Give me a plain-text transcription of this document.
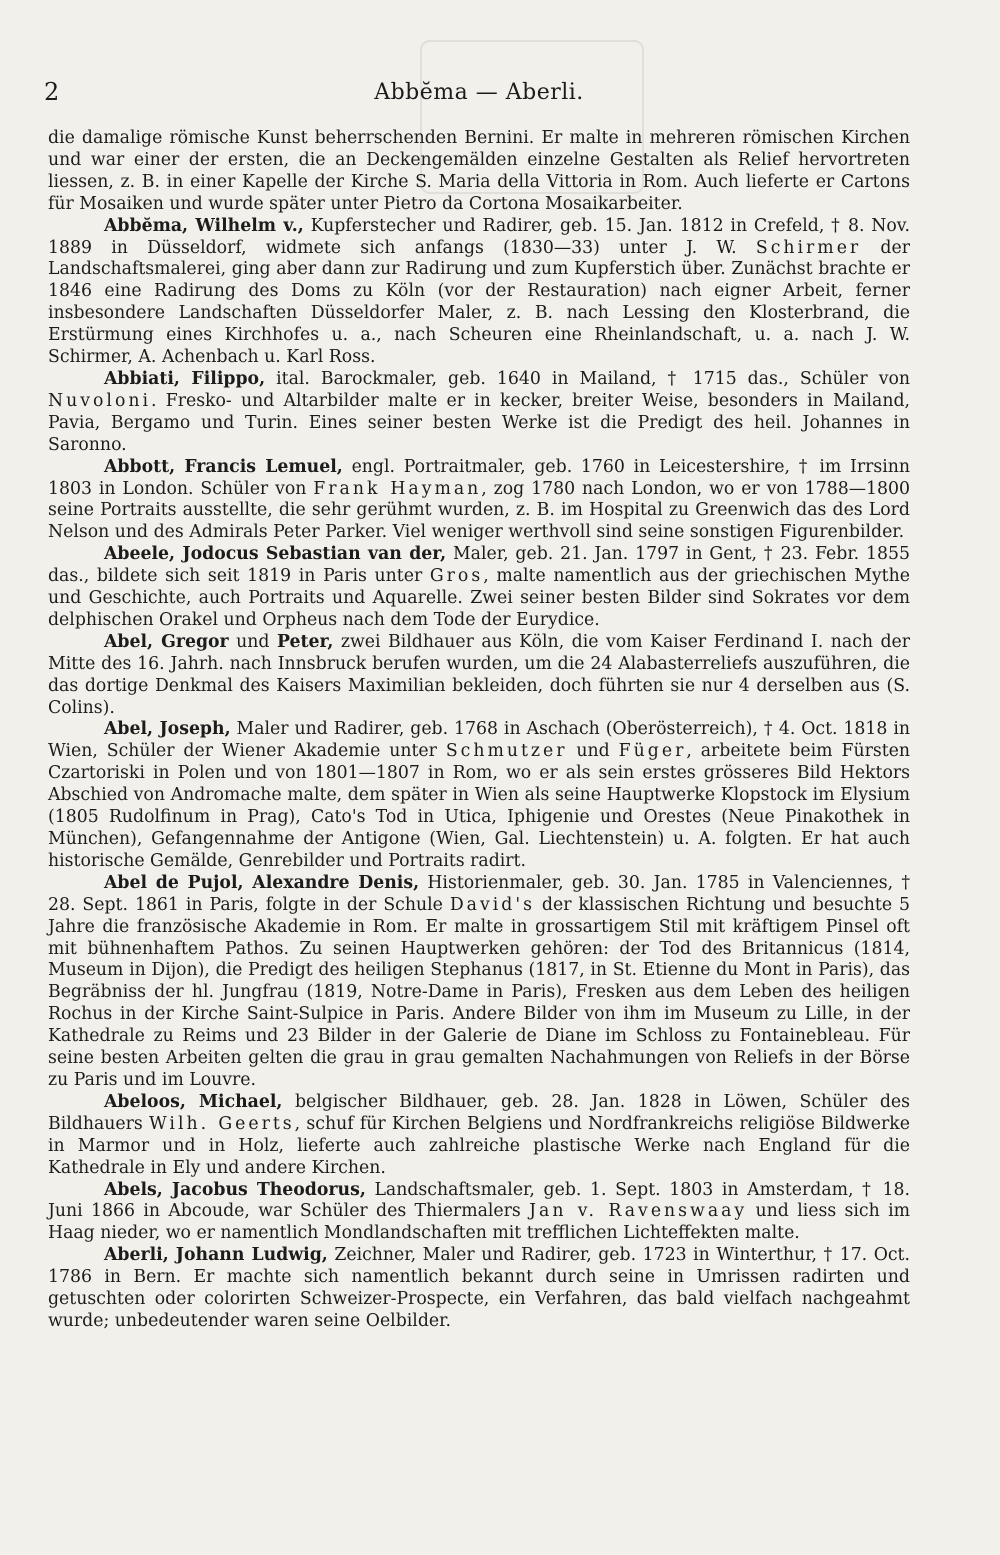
2	Abbĕma — Aberli.

die damalige römische Kunst beherrschenden Bernini. Er malte in mehreren römischen Kirchen und war einer der ersten, die an Deckengemälden einzelne Gestalten als Relief hervortreten liessen, z. B. in einer Kapelle der Kirche S. Maria della Vittoria in Rom. Auch lieferte er Cartons für Mosaiken und wurde später unter Pietro da Cortona Mosaikarbeiter.

Abbĕma, Wilhelm v., Kupferstecher und Radirer, geb. 15. Jan. 1812 in Crefeld, † 8. Nov. 1889 in Düsseldorf, widmete sich anfangs (1830—33) unter J. W. Schirmer der Landschaftsmalerei, ging aber dann zur Radirung und zum Kupferstich über. Zunächst brachte er 1846 eine Radirung des Doms zu Köln (vor der Restauration) nach eigner Arbeit, ferner insbesondere Landschaften Düsseldorfer Maler, z. B. nach Lessing den Klosterbrand, die Erstürmung eines Kirchhofes u. a., nach Scheuren eine Rheinlandschaft, u. a. nach J. W. Schirmer, A. Achenbach u. Karl Ross.

Abbiati, Filippo, ital. Barockmaler, geb. 1640 in Mailand, † 1715 das., Schüler von Nuvoloni. Fresko- und Altarbilder malte er in kecker, breiter Weise, besonders in Mailand, Pavia, Bergamo und Turin. Eines seiner besten Werke ist die Predigt des heil. Johannes in Saronno.

Abbott, Francis Lemuel, engl. Portraitmaler, geb. 1760 in Leicestershire, † im Irrsinn 1803 in London. Schüler von Frank Hayman, zog 1780 nach London, wo er von 1788—1800 seine Portraits ausstellte, die sehr gerühmt wurden, z. B. im Hospital zu Greenwich das des Lord Nelson und des Admirals Peter Parker. Viel weniger werthvoll sind seine sonstigen Figurenbilder.

Abeele, Jodocus Sebastian van der, Maler, geb. 21. Jan. 1797 in Gent, † 23. Febr. 1855 das., bildete sich seit 1819 in Paris unter Gros, malte namentlich aus der griechischen Mythe und Geschichte, auch Portraits und Aquarelle. Zwei seiner besten Bilder sind Sokrates vor dem delphischen Orakel und Orpheus nach dem Tode der Eurydice.

Abel, Gregor und Peter, zwei Bildhauer aus Köln, die vom Kaiser Ferdinand I. nach der Mitte des 16. Jahrh. nach Innsbruck berufen wurden, um die 24 Alabasterreliefs auszuführen, die das dortige Denkmal des Kaisers Maximilian bekleiden, doch führten sie nur 4 derselben aus (S. Colins).

Abel, Joseph, Maler und Radirer, geb. 1768 in Aschach (Oberösterreich), † 4. Oct. 1818 in Wien, Schüler der Wiener Akademie unter Schmutzer und Füger, arbeitete beim Fürsten Czartoriski in Polen und von 1801—1807 in Rom, wo er als sein erstes grösseres Bild Hektors Abschied von Andromache malte, dem später in Wien als seine Hauptwerke Klopstock im Elysium (1805 Rudolfinum in Prag), Cato's Tod in Utica, Iphigenie und Orestes (Neue Pinakothek in München), Gefangennahme der Antigone (Wien, Gal. Liechtenstein) u. A. folgten. Er hat auch historische Gemälde, Genrebilder und Portraits radirt.

Abel de Pujol, Alexandre Denis, Historienmaler, geb. 30. Jan. 1785 in Valenciennes, † 28. Sept. 1861 in Paris, folgte in der Schule David's der klassischen Richtung und besuchte 5 Jahre die französische Akademie in Rom. Er malte in grossartigem Stil mit kräftigem Pinsel oft mit bühnenhaftem Pathos. Zu seinen Hauptwerken gehören: der Tod des Britannicus (1814, Museum in Dijon), die Predigt des heiligen Stephanus (1817, in St. Etienne du Mont in Paris), das Begräbniss der hl. Jungfrau (1819, Notre-Dame in Paris), Fresken aus dem Leben des heiligen Rochus in der Kirche Saint-Sulpice in Paris. Andere Bilder von ihm im Museum zu Lille, in der Kathedrale zu Reims und 23 Bilder in der Galerie de Diane im Schloss zu Fontainebleau. Für seine besten Arbeiten gelten die grau in grau gemalten Nachahmungen von Reliefs in der Börse zu Paris und im Louvre.

Abeloos, Michael, belgischer Bildhauer, geb. 28. Jan. 1828 in Löwen, Schüler des Bildhauers Wilh. Geerts, schuf für Kirchen Belgiens und Nordfrankreichs religiöse Bildwerke in Marmor und in Holz, lieferte auch zahlreiche plastische Werke nach England für die Kathedrale in Ely und andere Kirchen.

Abels, Jacobus Theodorus, Landschaftsmaler, geb. 1. Sept. 1803 in Amsterdam, † 18. Juni 1866 in Abcoude, war Schüler des Thiermalers Jan v. Ravenswaay und liess sich im Haag nieder, wo er namentlich Mondlandschaften mit trefflichen Lichteffekten malte.

Aberli, Johann Ludwig, Zeichner, Maler und Radirer, geb. 1723 in Winterthur, † 17. Oct. 1786 in Bern. Er machte sich namentlich bekannt durch seine in Umrissen radirten und getuschten oder colorirten Schweizer-Prospecte, ein Verfahren, das bald vielfach nachgeahmt wurde; unbedeutender waren seine Oelbilder.
